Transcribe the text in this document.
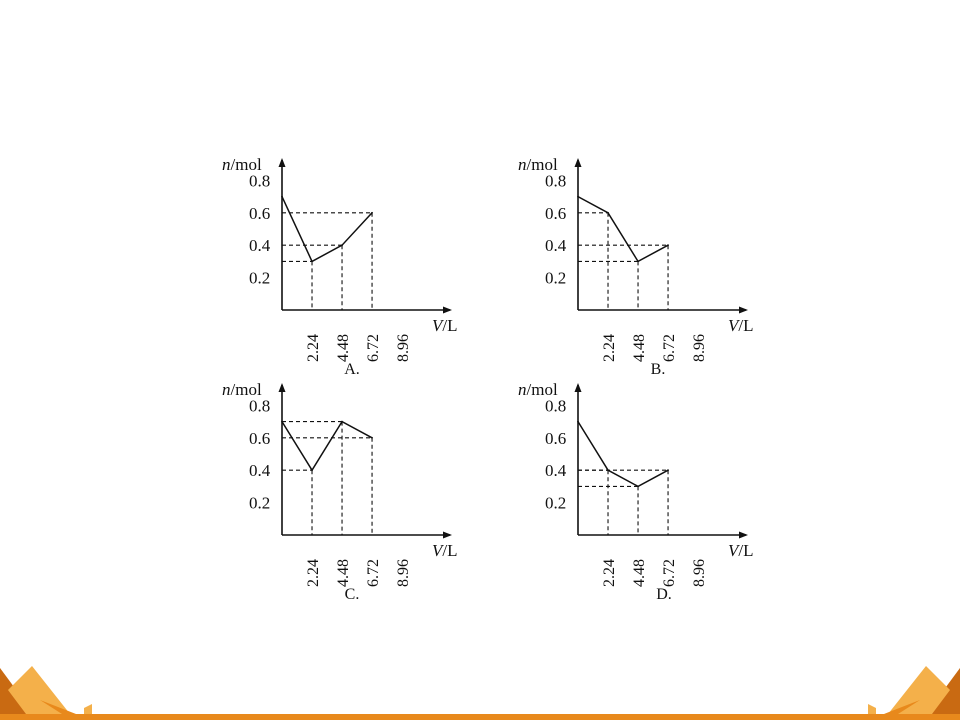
n/mol
V/L
0.2
0.4
0.6
0.8
2.24 4.48 6.72 8.96
A.
n/mol
V/L
0.2
0.4
0.6
0.8
2.24 4.48 6.72 8.96
B.
n/mol
V/L
0.2
0.4
0.6
0.8
2.24 4.48 6.72 8.96
C.
n/mol
V/L
0.2
0.4
0.6
0.8
2.24 4.48 6.72 8.96
D.
